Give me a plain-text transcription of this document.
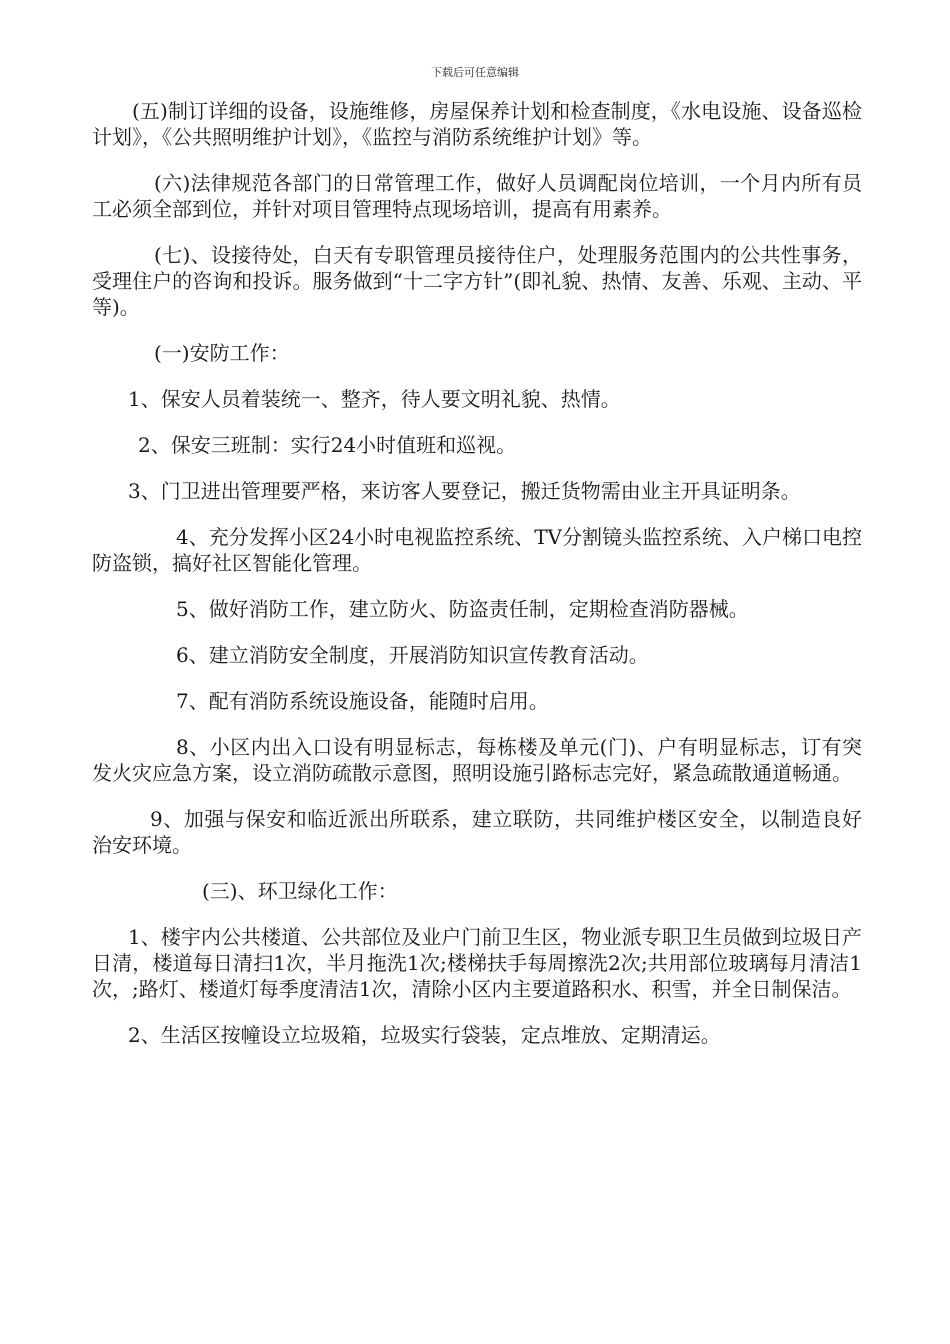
下载后可任意编辑

(五)制订详细的设备，设施维修，房屋保养计划和检查制度，《水电设施、设备巡检计划》，《公共照明维护计划》，《监控与消防系统维护计划》等。

(六)法律规范各部门的日常管理工作，做好人员调配岗位培训，一个月内所有员工必须全部到位，并针对项目管理特点现场培训，提高有用素养。

(七)、设接待处，白天有专职管理员接待住户，处理服务范围内的公共性事务，受理住户的咨询和投诉。服务做到“十二字方针”(即礼貌、热情、友善、乐观、主动、平等)。

(一)安防工作：

1、保安人员着装统一、整齐，待人要文明礼貌、热情。

2、保安三班制：实行24小时值班和巡视。

3、门卫进出管理要严格，来访客人要登记，搬迁货物需由业主开具证明条。

4、充分发挥小区24小时电视监控系统、TV分割镜头监控系统、入户梯口电控防盗锁，搞好社区智能化管理。

5、做好消防工作，建立防火、防盗责任制，定期检查消防器械。

6、建立消防安全制度，开展消防知识宣传教育活动。

7、配有消防系统设施设备，能随时启用。

8、小区内出入口设有明显标志，每栋楼及单元(门)、户有明显标志，订有突发火灾应急方案，设立消防疏散示意图，照明设施引路标志完好，紧急疏散通道畅通。

9、加强与保安和临近派出所联系，建立联防，共同维护楼区安全，以制造良好治安环境。

(三)、环卫绿化工作：

1、楼宇内公共楼道、公共部位及业户门前卫生区，物业派专职卫生员做到垃圾日产日清，楼道每日清扫1次，半月拖洗1次;楼梯扶手每周擦洗2次;共用部位玻璃每月清洁1次，;路灯、楼道灯每季度清洁1次，清除小区内主要道路积水、积雪，并全日制保洁。

2、生活区按幢设立垃圾箱，垃圾实行袋装，定点堆放、定期清运。
